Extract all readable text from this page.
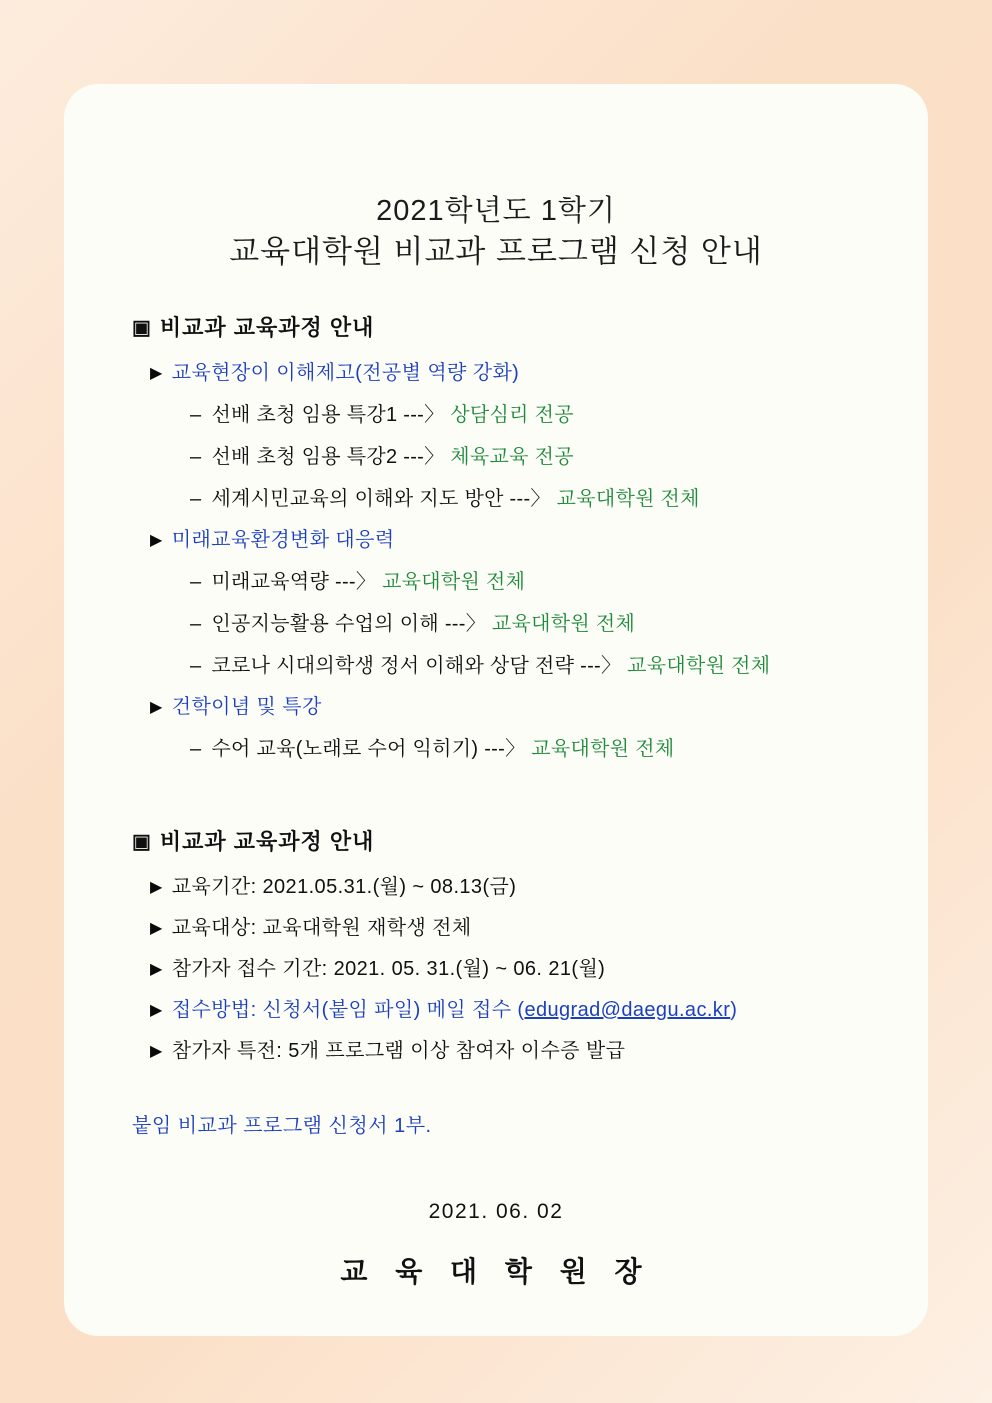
2021학년도 1학기
교육대학원 비교과 프로그램 신청 안내
▣ 비교과 교육과정 안내
▶ 교육현장이 이해제고(전공별 역량 강화)
– 선배 초청 임용 특강1 ---〉 상담심리 전공
– 선배 초청 임용 특강2 ---〉 체육교육 전공
– 세계시민교육의 이해와 지도 방안 ---〉 교육대학원 전체
▶ 미래교육환경변화 대응력
– 미래교육역량 ---〉 교육대학원 전체
– 인공지능활용 수업의 이해 ---〉 교육대학원 전체
– 코로나 시대의학생 정서 이해와 상담 전략 ---〉 교육대학원 전체
▶ 건학이념 및 특강
– 수어 교육(노래로 수어 익히기) ---〉 교육대학원 전체
▣ 비교과 교육과정 안내
▶ 교육기간: 2021.05.31.(월) ~ 08.13(금)
▶ 교육대상: 교육대학원 재학생 전체
▶ 참가자 접수 기간: 2021. 05. 31.(월) ~ 06. 21(월)
▶ 접수방법: 신청서(붙임 파일) 메일 접수 (edugrad@daegu.ac.kr)
▶ 참가자 특전: 5개 프로그램 이상 참여자 이수증 발급
붙임 비교과 프로그램 신청서 1부.
2021. 06. 02
교 육 대 학 원 장
